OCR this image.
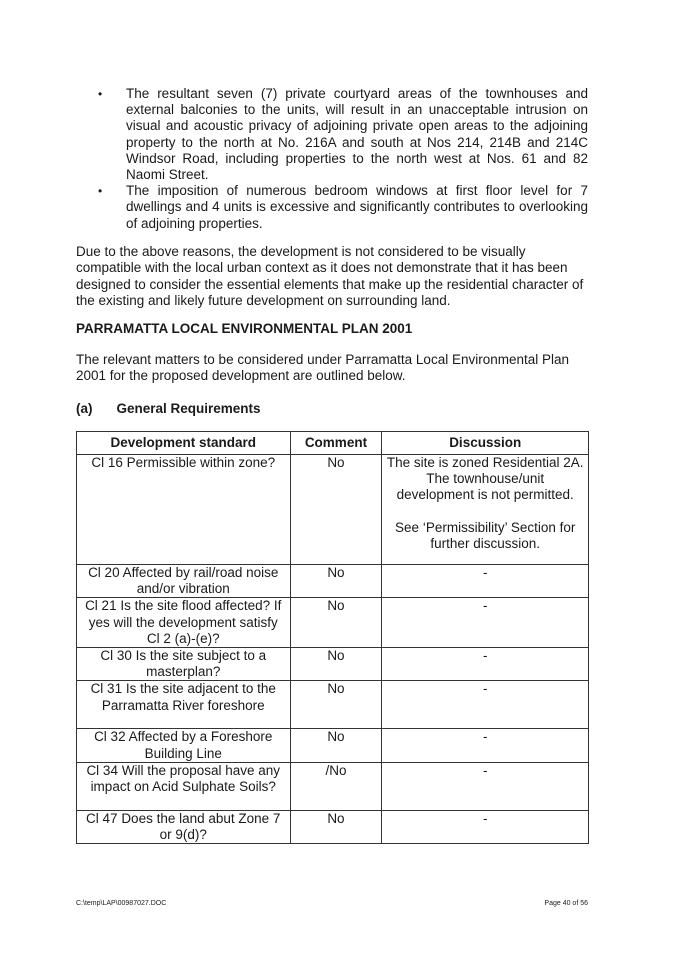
• The resultant seven (7) private courtyard areas of the townhouses and external balconies to the units, will result in an unacceptable intrusion on visual and acoustic privacy of adjoining private open areas to the adjoining property to the north at No. 216A and south at Nos 214, 214B and 214C Windsor Road, including properties to the north west at Nos. 61 and 82 Naomi Street.
• The imposition of numerous bedroom windows at first floor level for 7 dwellings and 4 units is excessive and significantly contributes to overlooking of adjoining properties.

Due to the above reasons, the development is not considered to be visually compatible with the local urban context as it does not demonstrate that it has been designed to consider the essential elements that make up the residential character of the existing and likely future development on surrounding land.

PARRAMATTA LOCAL ENVIRONMENTAL PLAN 2001

The relevant matters to be considered under Parramatta Local Environmental Plan 2001 for the proposed development are outlined below.

(a) General Requirements

Development standard	Comment	Discussion
Cl 16 Permissible within zone?	No	The site is zoned Residential 2A. The townhouse/unit development is not permitted.
See ‘Permissibility’ Section for further discussion.

Cl 20 Affected by rail/road noise and/or vibration	No	-
Cl 21 Is the site flood affected? If yes will the development satisfy Cl 2 (a)-(e)?	No	-
Cl 30 Is the site subject to a masterplan?	No	-
Cl 31 Is the site adjacent to the Parramatta River foreshore	No	-
Cl 32 Affected by a Foreshore Building Line	No	-
Cl 34 Will the proposal have any impact on Acid Sulphate Soils?	/No	-
Cl 47 Does the land abut Zone 7 or 9(d)?	No	-
C:\temp\LAP\00987027.DOC	Page 40 of 56
